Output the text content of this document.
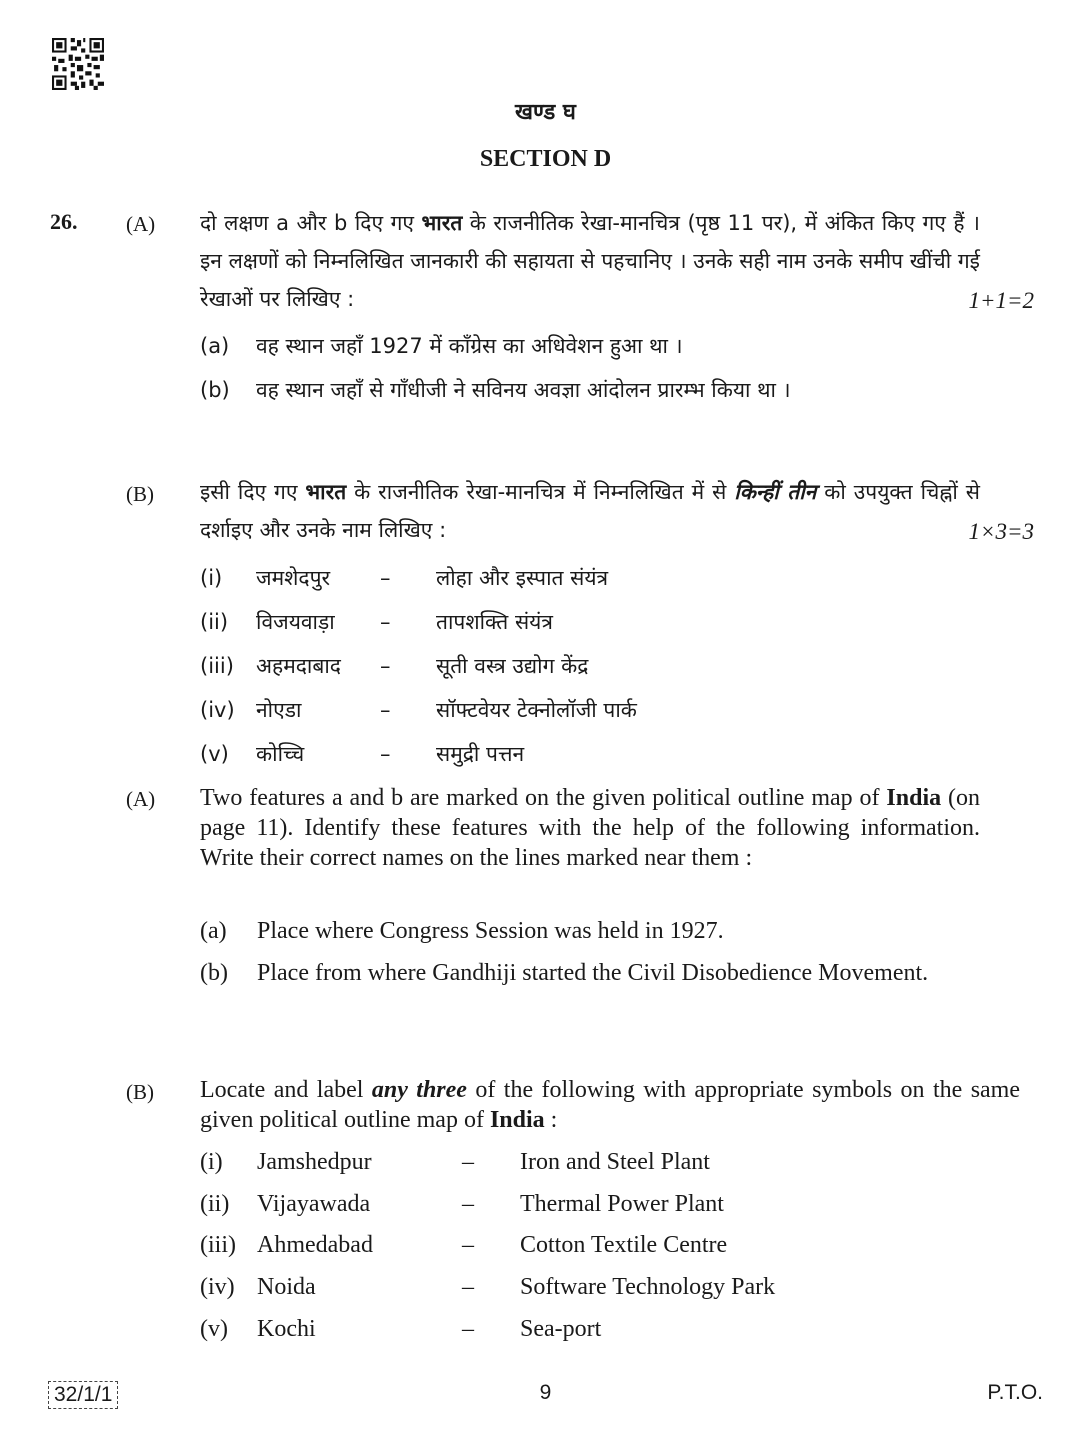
खण्ड घ
SECTION D
26. (A) दो लक्षण a और b दिए गए भारत के राजनीतिक रेखा-मानचित्र (पृष्ठ 11 पर), में अंकित किए गए हैं । इन लक्षणों को निम्नलिखित जानकारी की सहायता से पहचानिए । उनके सही नाम उनके समीप खींची गई रेखाओं पर लिखिए :	1+1=2
(a) वह स्थान जहाँ 1927 में काँग्रेस का अधिवेशन हुआ था ।
(b) वह स्थान जहाँ से गाँधीजी ने सविनय अवज्ञा आंदोलन प्रारम्भ किया था ।
(B) इसी दिए गए भारत के राजनीतिक रेखा-मानचित्र में निम्नलिखित में से किन्हीं तीन को उपयुक्त चिह्नों से दर्शाइए और उनके नाम लिखिए :	1×3=3
(i) जमशेदपुर – लोहा और इस्पात संयंत्र
(ii) विजयवाड़ा – तापशक्ति संयंत्र
(iii) अहमदाबाद – सूती वस्त्र उद्योग केंद्र
(iv) नोएडा	– सॉफ्टवेयर टेक्नोलॉजी पार्क
(v) कोच्चि	– समुद्री पत्तन
(A) Two features a and b are marked on the given political outline map of India (on page 11). Identify these features with the help of the following information. Write their correct names on the lines marked near them :
(a) Place where Congress Session was held in 1927.
(b) Place from where Gandhiji started the Civil Disobedience Movement.
(B) Locate and label any three of the following with appropriate symbols on the same given political outline map of India :
(i) Jamshedpur	– Iron and Steel Plant
(ii) Vijayawada	– Thermal Power Plant
(iii) Ahmedabad	– Cotton Textile Centre
(iv) Noida	– Software Technology Park
(v) Kochi	– Sea-port
32/1/1	9	P.T.O.
